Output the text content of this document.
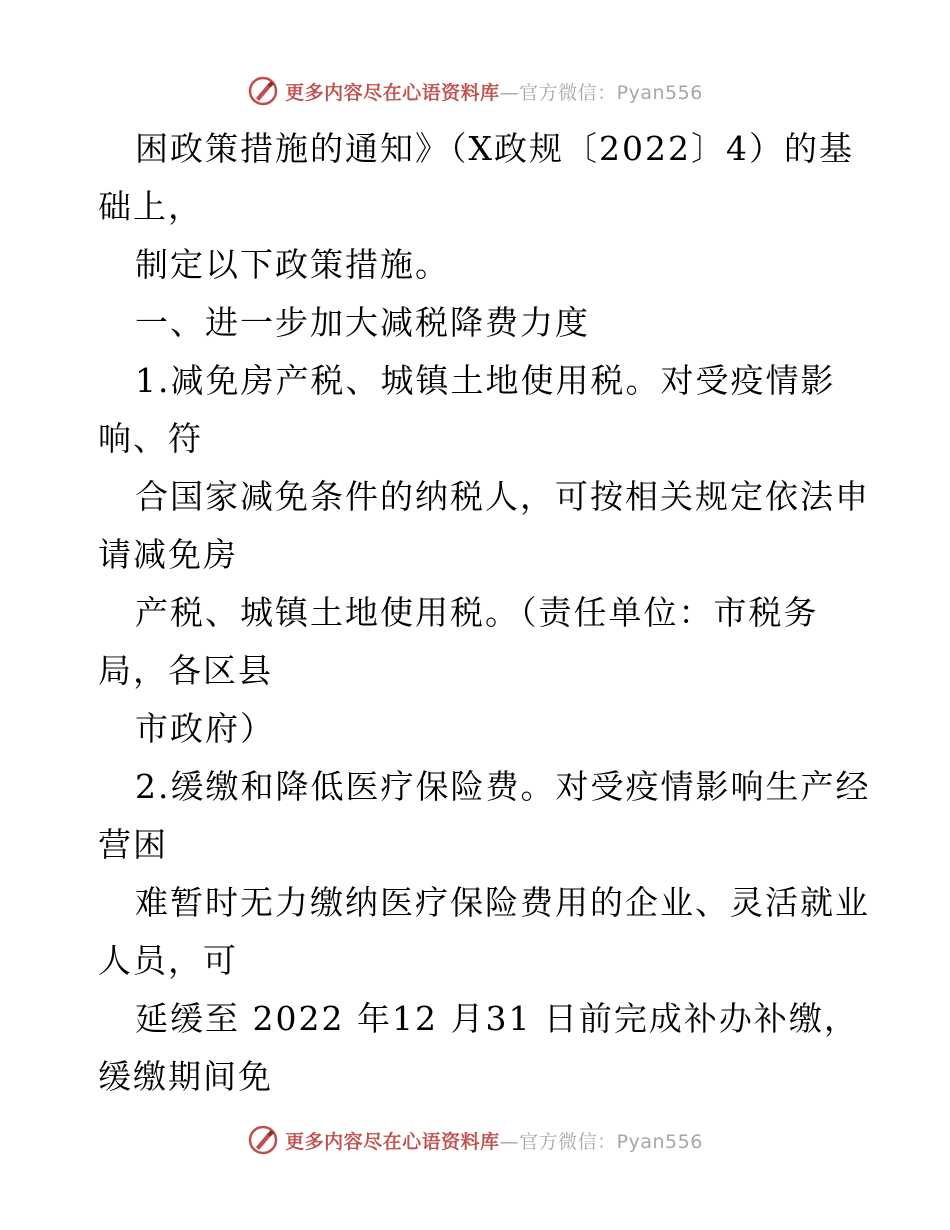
更多内容尽在心语资料库 —官方微信：Pyan556
困政策措施的通知》（X政规〔2022〕4）的基
础上，
制定以下政策措施。
一、进一步加大减税降费力度
1.减免房产税、城镇土地使用税。对受疫情影
响、符
合国家减免条件的纳税人，可按相关规定依法申
请减免房
产税、城镇土地使用税。（责任单位：市税务
局，各区县
市政府）
2.缓缴和降低医疗保险费。对受疫情影响生产经
营困
难暂时无力缴纳医疗保险费用的企业、灵活就业
人员，可
延缓至 2022 年12 月31 日前完成补办补缴，
缓缴期间免
更多内容尽在心语资料库 —官方微信：Pyan556
